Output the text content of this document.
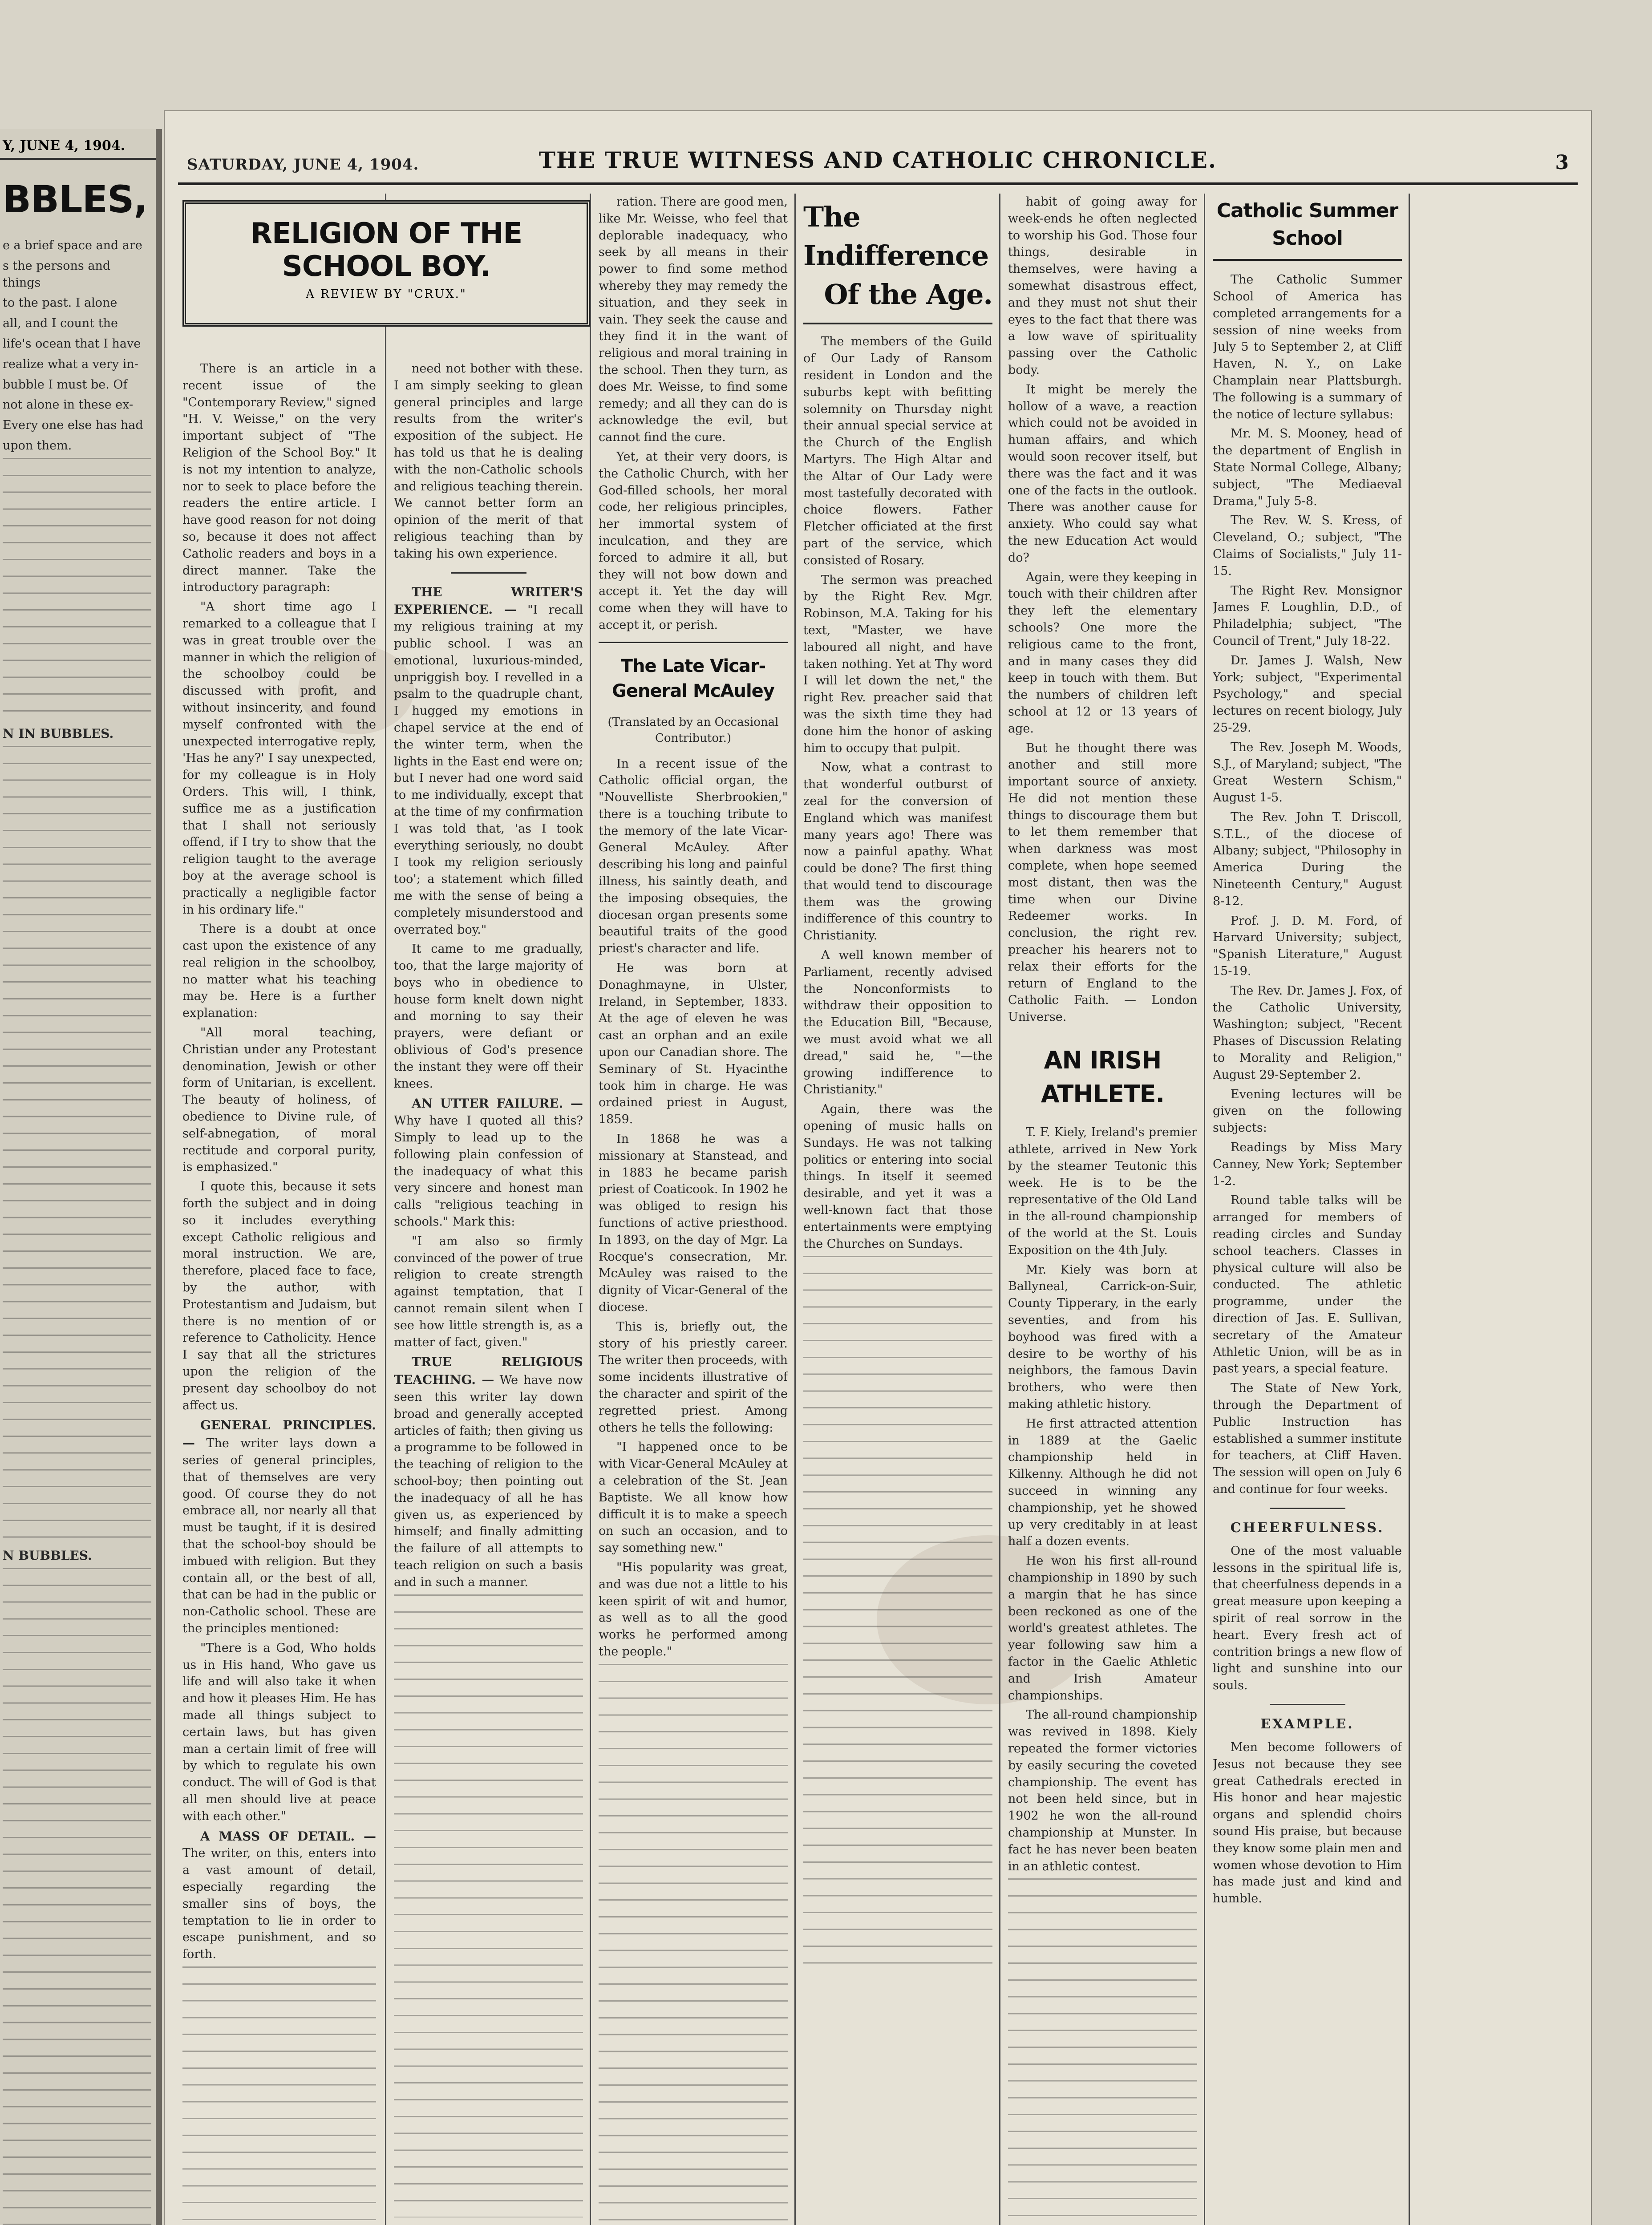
Y, JUNE 4, 1904.
BBLES,

e a brief space and are

s the persons and things

to the past. I alone

all, and I count the

life's ocean that I have

realize what a very in-

bubble I must be. Of

not alone in these ex-

Every one else has had

upon them.

N IN BUBBLES.

N BUBBLES.

SATURDAY, JUNE 4, 1904.	THE TRUE WITNESS AND CATHOLIC CHRONICLE.	3
RELIGION OF THE SCHOOL BOY.
A REVIEW BY "CRUX."

There is an article in a recent issue of the "Contemporary Review," signed "H. V. Weisse," on the very important subject of "The Religion of the School Boy." It is not my intention to analyze, nor to seek to place before the readers the entire article. I have good reason for not doing so, because it does not affect Catholic readers and boys in a direct manner. Take the introductory paragraph:

"A short time ago I remarked to a colleague that I was in great trouble over the manner in which the religion of the schoolboy could be discussed with profit, and without insincerity, and found myself confronted with the unexpected interrogative reply, 'Has he any?' I say unexpected, for my colleague is in Holy Orders. This will, I think, suffice me as a justification that I shall not seriously offend, if I try to show that the religion taught to the average boy at the average school is practically a negligible factor in his ordinary life."

There is a doubt at once cast upon the existence of any real religion in the schoolboy, no matter what his teaching may be. Here is a further explanation:

"All moral teaching, Christian under any Protestant denomination, Jewish or other form of Unitarian, is excellent. The beauty of holiness, of obedience to Divine rule, of self-abnegation, of moral rectitude and corporal purity, is emphasized."

I quote this, because it sets forth the subject and in doing so it includes everything except Catholic religious and moral instruction. We are, therefore, placed face to face, by the author, with Protestantism and Judaism, but there is no mention of or reference to Catholicity. Hence I say that all the strictures upon the religion of the present day schoolboy do not affect us.

GENERAL PRINCIPLES. — The writer lays down a series of general principles, that of themselves are very good. Of course they do not embrace all, nor nearly all that must be taught, if it is desired that the school-boy should be imbued with religion. But they contain all, or the best of all, that can be had in the public or non-Catholic school. These are the principles mentioned:

"There is a God, Who holds us in His hand, Who gave us life and will also take it when and how it pleases Him. He has made all things subject to certain laws, but has given man a certain limit of free will by which to regulate his own conduct. The will of God is that all men should live at peace with each other."

A MASS OF DETAIL. — The writer, on this, enters into a vast amount of detail, especially regarding the smaller sins of boys, the temptation to lie in order to escape punishment, and so forth.

need not bother with these. I am simply seeking to glean general principles and large results from the writer's exposition of the subject. He has told us that he is dealing with the non-Catholic schools and religious teaching therein. We cannot better form an opinion of the merit of that religious teaching than by taking his own experience.

THE WRITER'S EXPERIENCE. — "I recall my religious training at my public school. I was an emotional, luxurious-minded, unpriggish boy. I revelled in a psalm to the quadruple chant, I hugged my emotions in chapel service at the end of the winter term, when the lights in the East end were on; but I never had one word said to me individually, except that at the time of my confirmation I was told that, 'as I took everything seriously, no doubt I took my religion seriously too'; a statement which filled me with the sense of being a completely misunderstood and overrated boy."

It came to me gradually, too, that the large majority of boys who in obedience to house form knelt down night and morning to say their prayers, were defiant or oblivious of God's presence the instant they were off their knees.

AN UTTER FAILURE. — Why have I quoted all this? Simply to lead up to the following plain confession of the inadequacy of what this very sincere and honest man calls "religious teaching in schools." Mark this:

"I am also so firmly convinced of the power of true religion to create strength against temptation, that I cannot remain silent when I see how little strength is, as a matter of fact, given."

TRUE RELIGIOUS TEACHING. — We have now seen this writer lay down broad and generally accepted articles of faith; then giving us a programme to be followed in the teaching of religion to the school-boy; then pointing out the inadequacy of all he has given us, as experienced by himself; and finally admitting the failure of all attempts to teach religion on such a basis and in such a manner.

ration. There are good men, like Mr. Weisse, who feel that deplorable inadequacy, who seek by all means in their power to find some method whereby they may remedy the situation, and they seek in vain. They seek the cause and they find it in the want of religious and moral training in the school. Then they turn, as does Mr. Weisse, to find some remedy; and all they can do is acknowledge the evil, but cannot find the cure.

Yet, at their very doors, is the Catholic Church, with her God-filled schools, her moral code, her religious principles, her immortal system of inculcation, and they are forced to admire it all, but they will not bow down and accept it. Yet the day will come when they will have to accept it, or perish.

The Late Vicar-General McAuley
(Translated by an Occasional Contributor.)

In a recent issue of the Catholic official organ, the "Nouvelliste Sherbrookien," there is a touching tribute to the memory of the late Vicar-General McAuley. After describing his long and painful illness, his saintly death, and the imposing obsequies, the diocesan organ presents some beautiful traits of the good priest's character and life.

He was born at Donaghmayne, in Ulster, Ireland, in September, 1833. At the age of eleven he was cast an orphan and an exile upon our Canadian shore. The Seminary of St. Hyacinthe took him in charge. He was ordained priest in August, 1859.

In 1868 he was a missionary at Stanstead, and in 1883 he became parish priest of Coaticook. In 1902 he was obliged to resign his functions of active priesthood. In 1893, on the day of Mgr. La Rocque's consecration, Mr. McAuley was raised to the dignity of Vicar-General of the diocese.

This is, briefly out, the story of his priestly career. The writer then proceeds, with some incidents illustrative of the character and spirit of the regretted priest. Among others he tells the following:

"I happened once to be with Vicar-General McAuley at a celebration of the St. Jean Baptiste. We all know how difficult it is to make a speech on such an occasion, and to say something new."

"His popularity was great, and was due not a little to his keen spirit of wit and humor, as well as to all the good works he performed among the people."

The Indifference
Of the Age.

The members of the Guild of Our Lady of Ransom resident in London and the suburbs kept with befitting solemnity on Thursday night their annual special service at the Church of the English Martyrs. The High Altar and the Altar of Our Lady were most tastefully decorated with choice flowers. Father Fletcher officiated at the first part of the service, which consisted of Rosary.

The sermon was preached by the Right Rev. Mgr. Robinson, M.A. Taking for his text, "Master, we have laboured all night, and have taken nothing. Yet at Thy word I will let down the net," the right Rev. preacher said that was the sixth time they had done him the honor of asking him to occupy that pulpit.

Now, what a contrast to that wonderful outburst of zeal for the conversion of England which was manifest many years ago! There was now a painful apathy. What could be done? The first thing that would tend to discourage them was the growing indifference of this country to Christianity.

A well known member of Parliament, recently advised the Nonconformists to withdraw their opposition to the Education Bill, "Because, we must avoid what we all dread," said he, "—the growing indifference to Christianity."

Again, there was the opening of music halls on Sundays. He was not talking politics or entering into social things. In itself it seemed desirable, and yet it was a well-known fact that those entertainments were emptying the Churches on Sundays.

habit of going away for week-ends he often neglected to worship his God. Those four things, desirable in themselves, were having a somewhat disastrous effect, and they must not shut their eyes to the fact that there was a low wave of spirituality passing over the Catholic body.

It might be merely the hollow of a wave, a reaction which could not be avoided in human affairs, and which would soon recover itself, but there was the fact and it was one of the facts in the outlook. There was another cause for anxiety. Who could say what the new Education Act would do?

Again, were they keeping in touch with their children after they left the elementary schools? One more the religious came to the front, and in many cases they did keep in touch with them. But the numbers of children left school at 12 or 13 years of age.

But he thought there was another and still more important source of anxiety. He did not mention these things to discourage them but to let them remember that when darkness was most complete, when hope seemed most distant, then was the time when our Divine Redeemer works. In conclusion, the right rev. preacher his hearers not to relax their efforts for the return of England to the Catholic Faith. — London Universe.

AN IRISH ATHLETE.

T. F. Kiely, Ireland's premier athlete, arrived in New York by the steamer Teutonic this week. He is to be the representative of the Old Land in the all-round championship of the world at the St. Louis Exposition on the 4th July.

Mr. Kiely was born at Ballyneal, Carrick-on-Suir, County Tipperary, in the early seventies, and from his boyhood was fired with a desire to be worthy of his neighbors, the famous Davin brothers, who were then making athletic history.

He first attracted attention in 1889 at the Gaelic championship held in Kilkenny. Although he did not succeed in winning any championship, yet he showed up very creditably in at least half a dozen events.

He won his first all-round championship in 1890 by such a margin that he has since been reckoned as one of the world's greatest athletes. The year following saw him a factor in the Gaelic Athletic and Irish Amateur championships.

The all-round championship was revived in 1898. Kiely repeated the former victories by easily securing the coveted championship. The event has not been held since, but in 1902 he won the all-round championship at Munster. In fact he has never been beaten in an athletic contest.

Catholic Summer School

The Catholic Summer School of America has completed arrangements for a session of nine weeks from July 5 to September 2, at Cliff Haven, N. Y., on Lake Champlain near Plattsburgh. The following is a summary of the notice of lecture syllabus:

Mr. M. S. Mooney, head of the department of English in State Normal College, Albany; subject, "The Mediaeval Drama," July 5-8.

The Rev. W. S. Kress, of Cleveland, O.; subject, "The Claims of Socialists," July 11-15.

The Right Rev. Monsignor James F. Loughlin, D.D., of Philadelphia; subject, "The Council of Trent," July 18-22.

Dr. James J. Walsh, New York; subject, "Experimental Psychology," and special lectures on recent biology, July 25-29.

The Rev. Joseph M. Woods, S.J., of Maryland; subject, "The Great Western Schism," August 1-5.

The Rev. John T. Driscoll, S.T.L., of the diocese of Albany; subject, "Philosophy in America During the Nineteenth Century," August 8-12.

Prof. J. D. M. Ford, of Harvard University; subject, "Spanish Literature," August 15-19.

The Rev. Dr. James J. Fox, of the Catholic University, Washington; subject, "Recent Phases of Discussion Relating to Morality and Religion," August 29-September 2.

Evening lectures will be given on the following subjects:

Readings by Miss Mary Canney, New York; September 1-2.

Round table talks will be arranged for members of reading circles and Sunday school teachers. Classes in physical culture will also be conducted. The athletic programme, under the direction of Jas. E. Sullivan, secretary of the Amateur Athletic Union, will be as in past years, a special feature.

The State of New York, through the Department of Public Instruction has established a summer institute for teachers, at Cliff Haven. The session will open on July 6 and continue for four weeks.

CHEERFULNESS.

One of the most valuable lessons in the spiritual life is, that cheerfulness depends in a great measure upon keeping a spirit of real sorrow in the heart. Every fresh act of contrition brings a new flow of light and sunshine into our souls.

EXAMPLE.

Men become followers of Jesus not because they see great Cathedrals erected in His honor and hear majestic organs and splendid choirs sound His praise, but because they know some plain men and women whose devotion to Him has made just and kind and humble.
